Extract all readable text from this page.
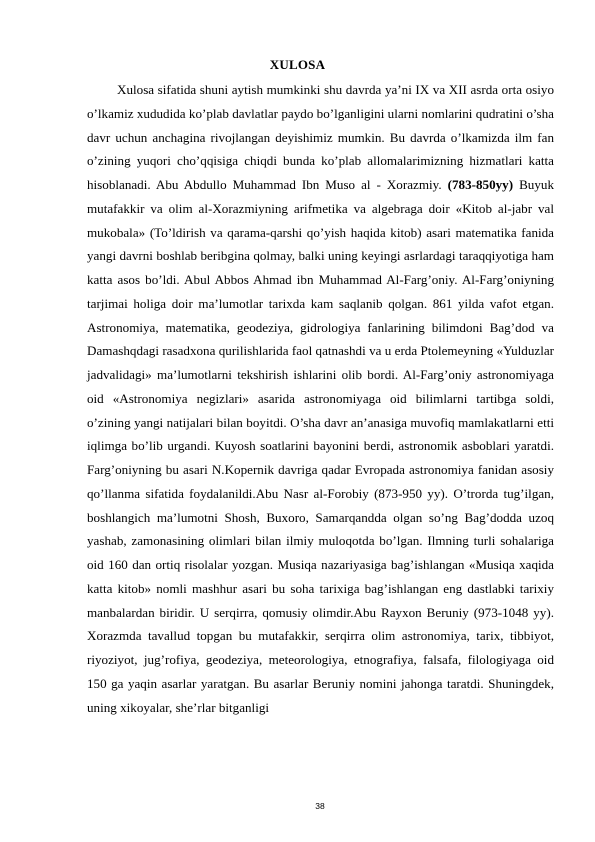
XULOSA

Xulosa sifatida shuni aytish mumkinki shu davrda ya’ni IX va XII asrda orta osiyo o’lkamiz xududida ko’plab davlatlar paydo bo’lganligini ularni nomlarini qudratini o’sha davr uchun anchagina rivojlangan deyishimiz mumkin. Bu davrda o’lkamizda ilm fan o’zining yuqori cho’qqisiga chiqdi bunda ko’plab allomalarimizning hizmatlari katta hisoblanadi. Abu Abdullo Muhammad Ibn Muso al - Xorazmiy. (783-850yy) Buyuk mutafakkir va olim al-Xorazmiyning arifmetika va algebraga doir «Kitob al-jabr val mukobala» (To’ldirish va qarama-qarshi qo’yish haqida kitob) asari matematika fanida yangi davrni boshlab beribgina qolmay, balki uning keyingi asrlardagi taraqqiyotiga ham katta asos bo’ldi. Abul Abbos Ahmad ibn Muhammad Al-Farg’oniy. Al-Farg’oniyning tarjimai holiga doir ma’lumotlar tarixda kam saqlanib qolgan. 861 yilda vafot etgan. Astronomiya, matematika, geodeziya, gidrologiya fanlarining bilimdoni Bag’dod va Damashqdagi rasadxona qurilishlarida faol qatnashdi va u erda Ptolemeyning «Yulduzlar jadvalidagi» ma’lumotlarni tekshirish ishlarini olib bordi. Al-Farg’oniy astronomiyaga oid «Astronomiya negizlari» asarida astronomiyaga oid bilimlarni tartibga soldi, o’zining yangi natijalari bilan boyitdi. O’sha davr an’anasiga muvofiq mamlakatlarni etti iqlimga bo’lib urgandi. Kuyosh soatlarini bayonini berdi, astronomik asboblari yaratdi. Farg’oniyning bu asari N.Kopernik davriga qadar Evropada astronomiya fanidan asosiy qo’llanma sifatida foydalanildi.Abu Nasr al-Forobiy (873-950 yy). O’trorda tug’ilgan, boshlangich ma’lumotni Shosh, Buxoro, Samarqandda olgan so’ng Bag’dodda uzoq yashab, zamonasining olimlari bilan ilmiy muloqotda bo’lgan. Ilmning turli sohalariga oid 160 dan ortiq risolalar yozgan. Musiqa nazariyasiga bag’ishlangan «Musiqa xaqida katta kitob» nomli mashhur asari bu soha tarixiga bag’ishlangan eng dastlabki tarixiy manbalardan biridir. U serqirra, qomusiy olimdir.Abu Rayxon Beruniy (973-1048 yy). Xorazmda tavallud topgan bu mutafakkir, serqirra olim astronomiya, tarix, tibbiyot, riyoziyot, jug’rofiya, geodeziya, meteorologiya, etnografiya, falsafa, filologiyaga oid 150 ga yaqin asarlar yaratgan. Bu asarlar Beruniy nomini jahonga taratdi. Shuningdek, uning xikoyalar, she’rlar bitganligi

38
